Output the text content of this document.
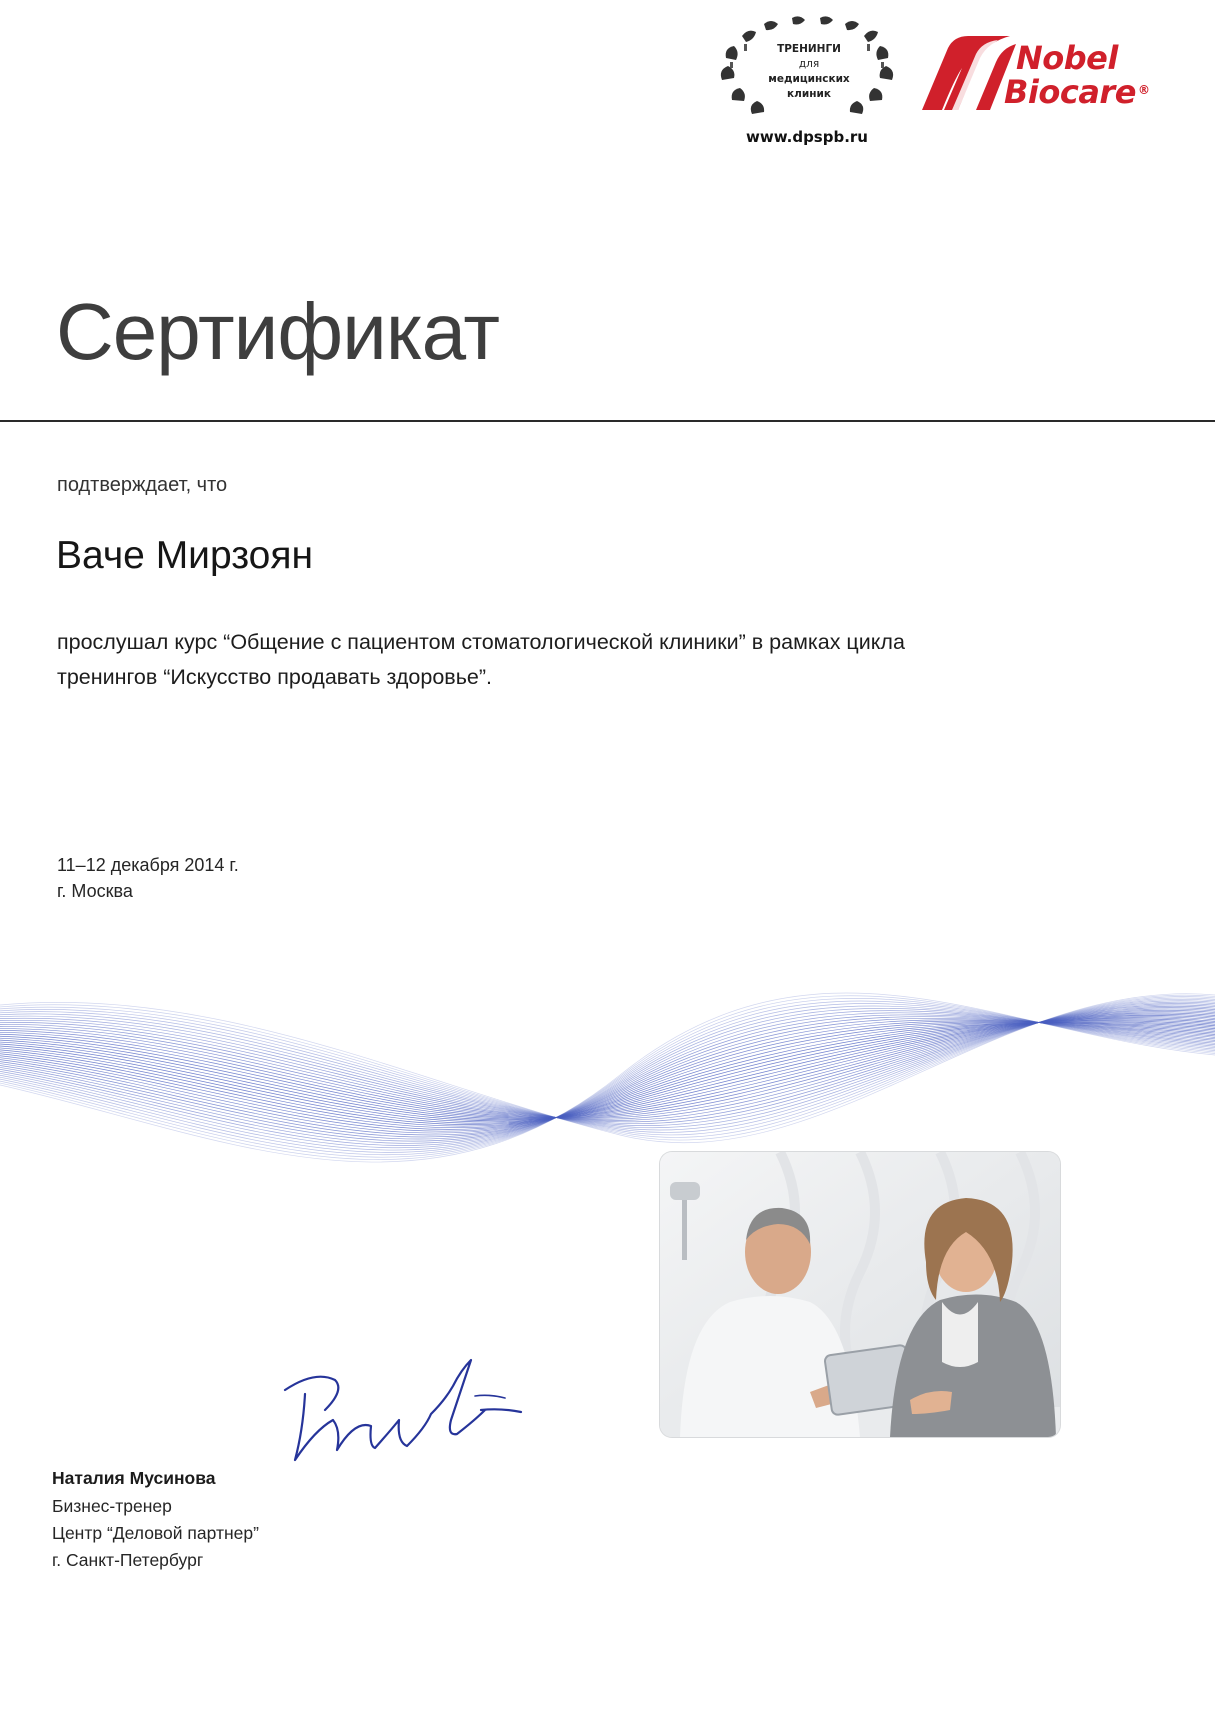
ТРЕНИНГИ
для
медицинских
клиник
www.dpspb.ru
Nobel
Biocare ®
Сертификат
подтверждает, что
Ваче Мирзоян
прослушал курс “Общение с пациентом стоматологической клиники” в рамках цикла
тренингов “Искусство продавать здоровье”.
11–12 декабря 2014 г.
г. Москва
Наталия Мусинова
Бизнес-тренер
Центр “Деловой партнер”
г. Санкт-Петербург
